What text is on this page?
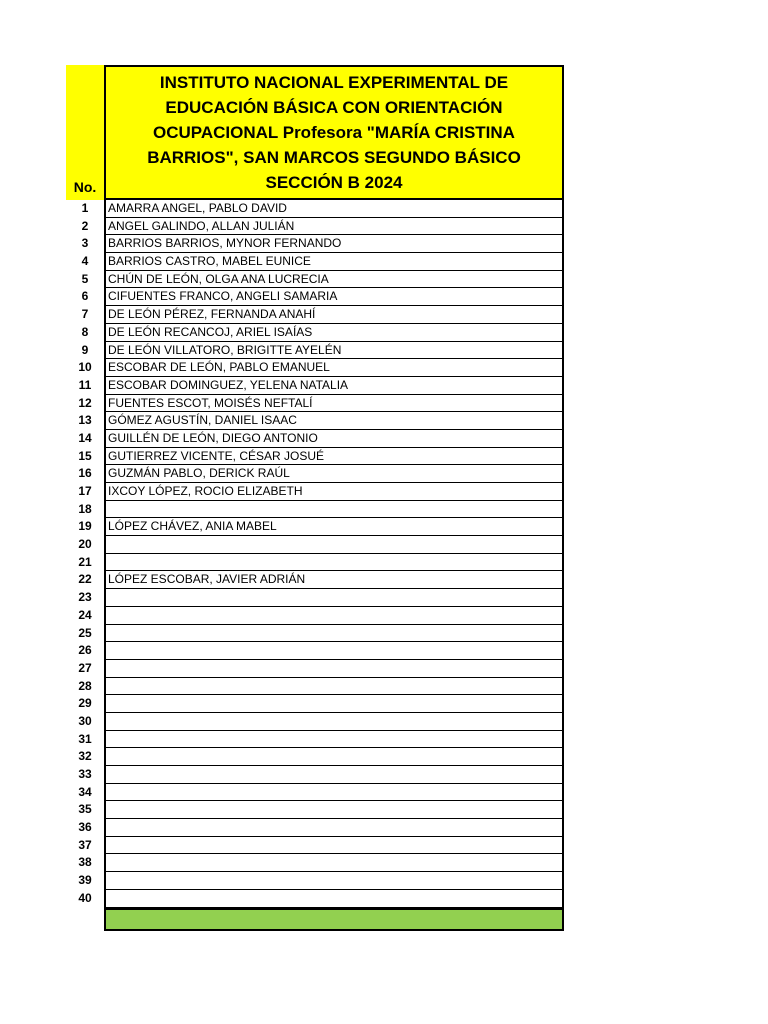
No.
INSTITUTO NACIONAL EXPERIMENTAL DE EDUCACIÓN BÁSICA CON ORIENTACIÓN OCUPACIONAL Profesora "MARÍA CRISTINA BARRIOS", SAN MARCOS SEGUNDO BÁSICO SECCIÓN B 2024
1	AMARRA ANGEL, PABLO DAVID
2	ANGEL GALINDO, ALLAN JULIÁN
3	BARRIOS BARRIOS, MYNOR FERNANDO
4	BARRIOS CASTRO, MABEL EUNICE
5	CHÚN DE LEÓN, OLGA ANA LUCRECIA
6	CIFUENTES FRANCO, ANGELI SAMARIA
7	DE LEÓN PÉREZ, FERNANDA ANAHÍ
8	DE LEÓN RECANCOJ, ARIEL ISAÍAS
9	DE LEÓN VILLATORO, BRIGITTE AYELÉN
10	ESCOBAR DE LEÓN, PABLO EMANUEL
11	ESCOBAR DOMINGUEZ, YELENA NATALIA
12	FUENTES ESCOT, MOISÉS NEFTALÍ
13	GÓMEZ AGUSTÍN, DANIEL ISAAC
14	GUILLÉN DE LEÓN, DIEGO ANTONIO
15	GUTIERREZ VICENTE, CÉSAR JOSUÉ
16	GUZMÁN PABLO, DERICK RAÚL
17	IXCOY LÓPEZ, ROCIO ELIZABETH
18
19	LÓPEZ CHÁVEZ, ANIA MABEL
20
21
22	LÓPEZ ESCOBAR, JAVIER ADRIÁN
23
24
25
26
27
28
29
30
31
32
33
34
35
36
37
38
39
40
